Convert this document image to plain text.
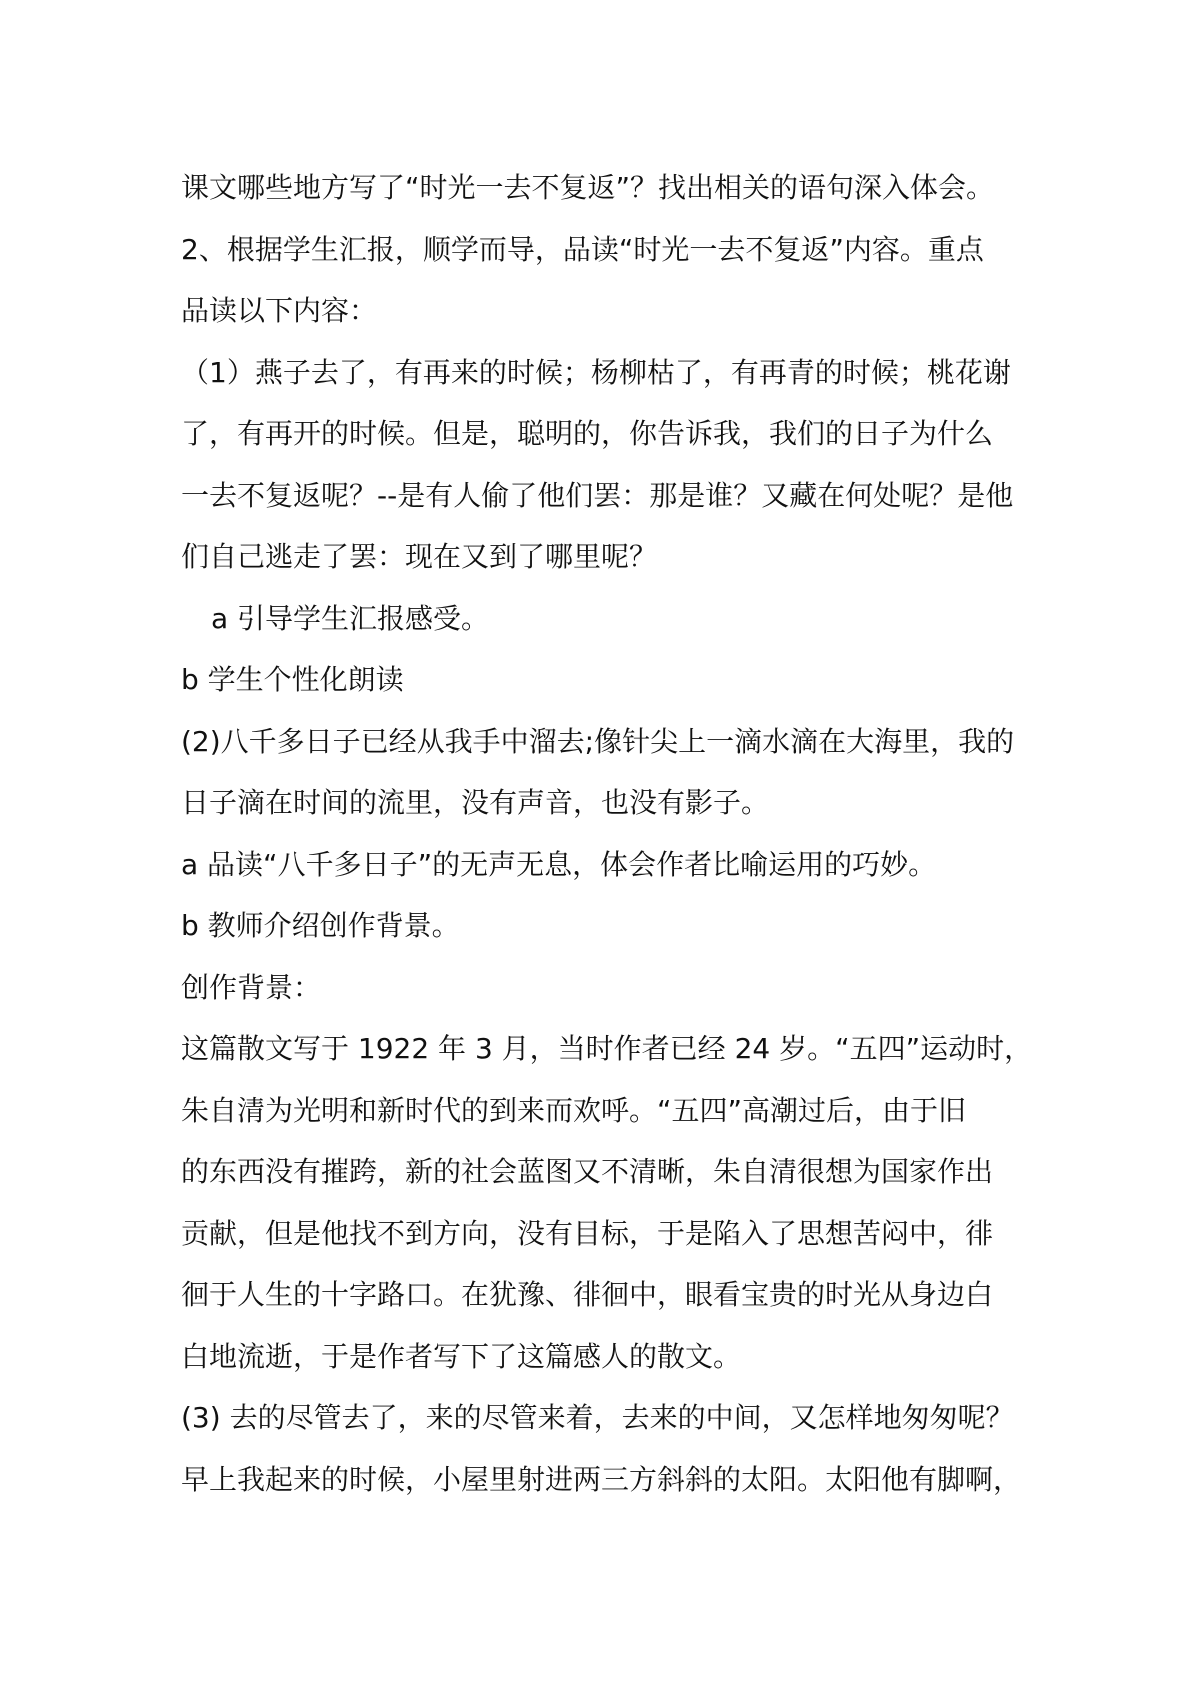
课文哪些地方写了“时光一去不复返”？找出相关的语句深入体会。
2、根据学生汇报，顺学而导，品读“时光一去不复返”内容。重点
品读以下内容：
（1）燕子去了，有再来的时候；杨柳枯了，有再青的时候；桃花谢
了，有再开的时候。但是，聪明的，你告诉我，我们的日子为什么
一去不复返呢？--是有人偷了他们罢：那是谁？又藏在何处呢？是他
们自己逃走了罢：现在又到了哪里呢？
a 引导学生汇报感受。
b 学生个性化朗读
(2)八千多日子已经从我手中溜去;像针尖上一滴水滴在大海里，我的
日子滴在时间的流里，没有声音，也没有影子。
a 品读“八千多日子”的无声无息，体会作者比喻运用的巧妙。
b 教师介绍创作背景。
创作背景：
这篇散文写于 1922 年 3 月，当时作者已经 24 岁。“五四”运动时，
朱自清为光明和新时代的到来而欢呼。“五四”高潮过后，由于旧
的东西没有摧跨，新的社会蓝图又不清晰，朱自清很想为国家作出
贡献，但是他找不到方向，没有目标，于是陷入了思想苦闷中，徘
徊于人生的十字路口。在犹豫、徘徊中，眼看宝贵的时光从身边白
白地流逝，于是作者写下了这篇感人的散文。
(3) 去的尽管去了，来的尽管来着，去来的中间，又怎样地匆匆呢？
早上我起来的时候，小屋里射进两三方斜斜的太阳。太阳他有脚啊，
